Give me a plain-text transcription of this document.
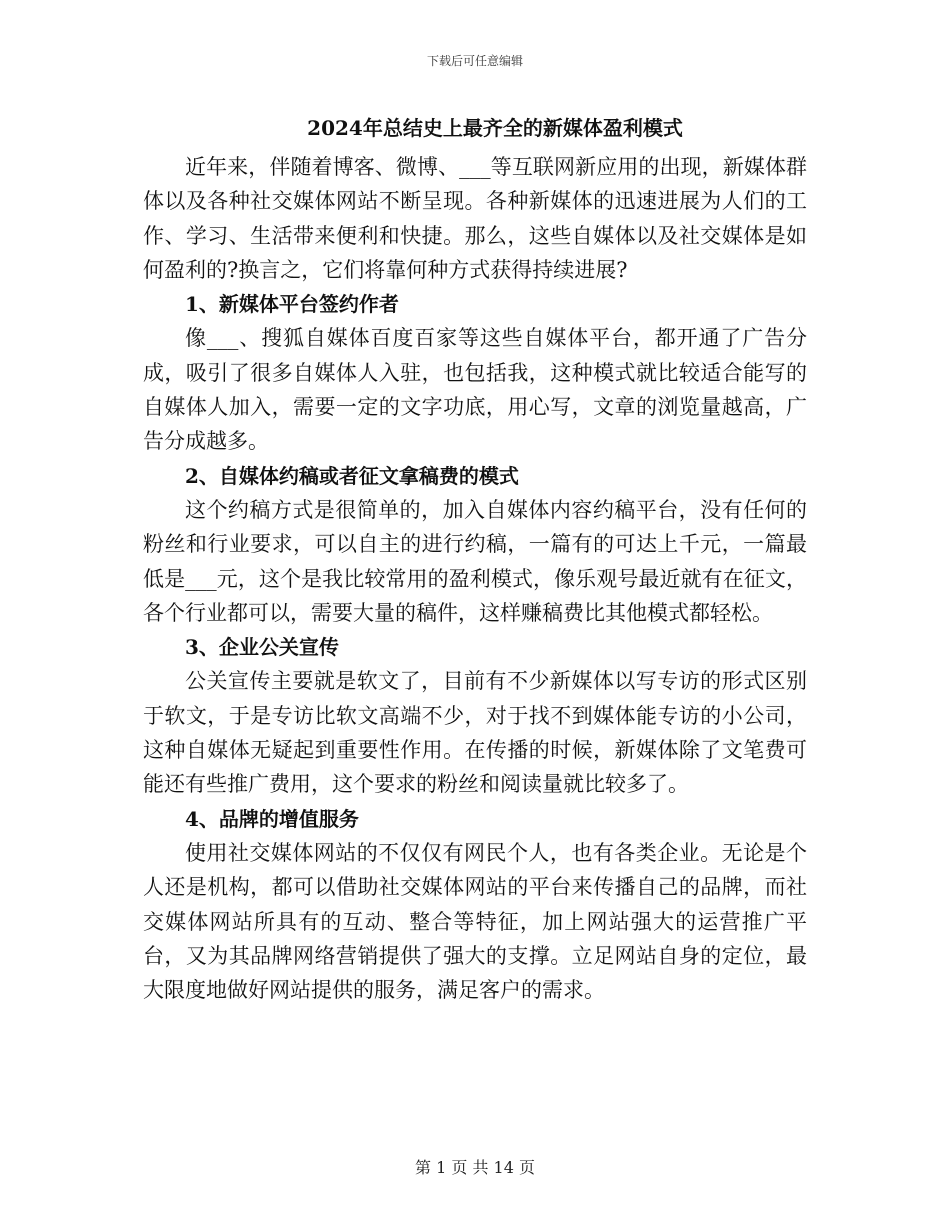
下载后可任意编辑

2024年总结史上最齐全的新媒体盈利模式

近年来，伴随着博客、微博、___等互联网新应用的出现，新媒体群体以及各种社交媒体网站不断呈现。各种新媒体的迅速进展为人们的工作、学习、生活带来便利和快捷。那么，这些自媒体以及社交媒体是如何盈利的?换言之，它们将靠何种方式获得持续进展?

1、新媒体平台签约作者

像___、搜狐自媒体百度百家等这些自媒体平台，都开通了广告分成，吸引了很多自媒体人入驻，也包括我，这种模式就比较适合能写的自媒体人加入，需要一定的文字功底，用心写，文章的浏览量越高，广告分成越多。

2、自媒体约稿或者征文拿稿费的模式

这个约稿方式是很简单的，加入自媒体内容约稿平台，没有任何的粉丝和行业要求，可以自主的进行约稿，一篇有的可达上千元，一篇最低是___元，这个是我比较常用的盈利模式，像乐观号最近就有在征文，各个行业都可以，需要大量的稿件，这样赚稿费比其他模式都轻松。

3、企业公关宣传

公关宣传主要就是软文了，目前有不少新媒体以写专访的形式区别于软文，于是专访比软文高端不少，对于找不到媒体能专访的小公司，这种自媒体无疑起到重要性作用。在传播的时候，新媒体除了文笔费可能还有些推广费用，这个要求的粉丝和阅读量就比较多了。

4、品牌的增值服务

使用社交媒体网站的不仅仅有网民个人，也有各类企业。无论是个人还是机构，都可以借助社交媒体网站的平台来传播自己的品牌，而社交媒体网站所具有的互动、整合等特征，加上网站强大的运营推广平台，又为其品牌网络营销提供了强大的支撑。立足网站自身的定位，最大限度地做好网站提供的服务，满足客户的需求。

第 1 页 共 14 页
